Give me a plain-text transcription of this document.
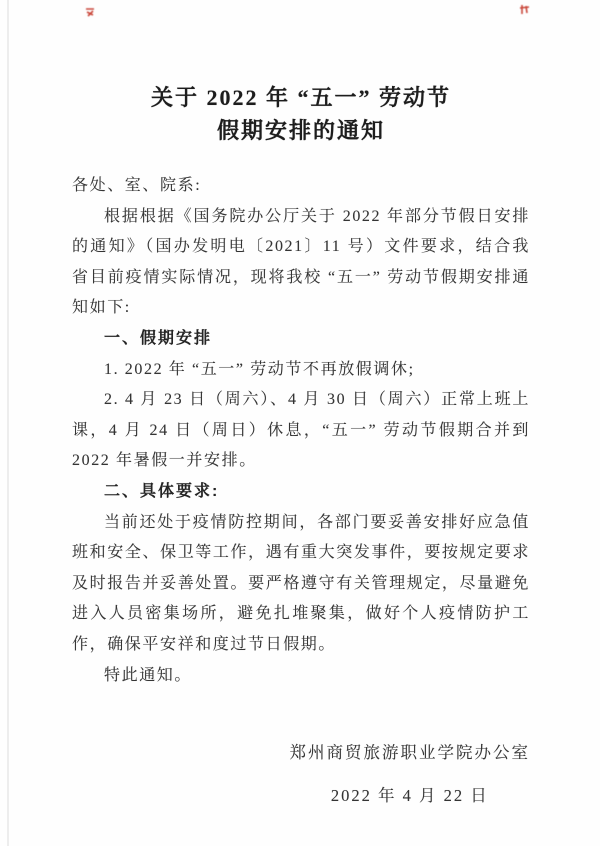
关于 2022 年 “五一” 劳动节
假期安排的通知

各处、室、院系:

根据根据《国务院办公厅关于 2022 年部分节假日安排的通知》（国办发明电〔2021〕11 号）文件要求，结合我省目前疫情实际情况，现将我校 “五一” 劳动节假期安排通知如下:

一、假期安排

1. 2022 年 “五一” 劳动节不再放假调休;

2. 4 月 23 日（周六）、4 月 30 日（周六）正常上班上课，4 月 24 日（周日）休息，“五一” 劳动节假期合并到 2022 年暑假一并安排。

二、具体要求:

当前还处于疫情防控期间，各部门要妥善安排好应急值班和安全、保卫等工作，遇有重大突发事件，要按规定要求及时报告并妥善处置。要严格遵守有关管理规定，尽量避免进入人员密集场所，避免扎堆聚集，做好个人疫情防护工作，确保平安祥和度过节日假期。

特此通知。

郑州商贸旅游职业学院办公室
2022 年 4 月 22 日
